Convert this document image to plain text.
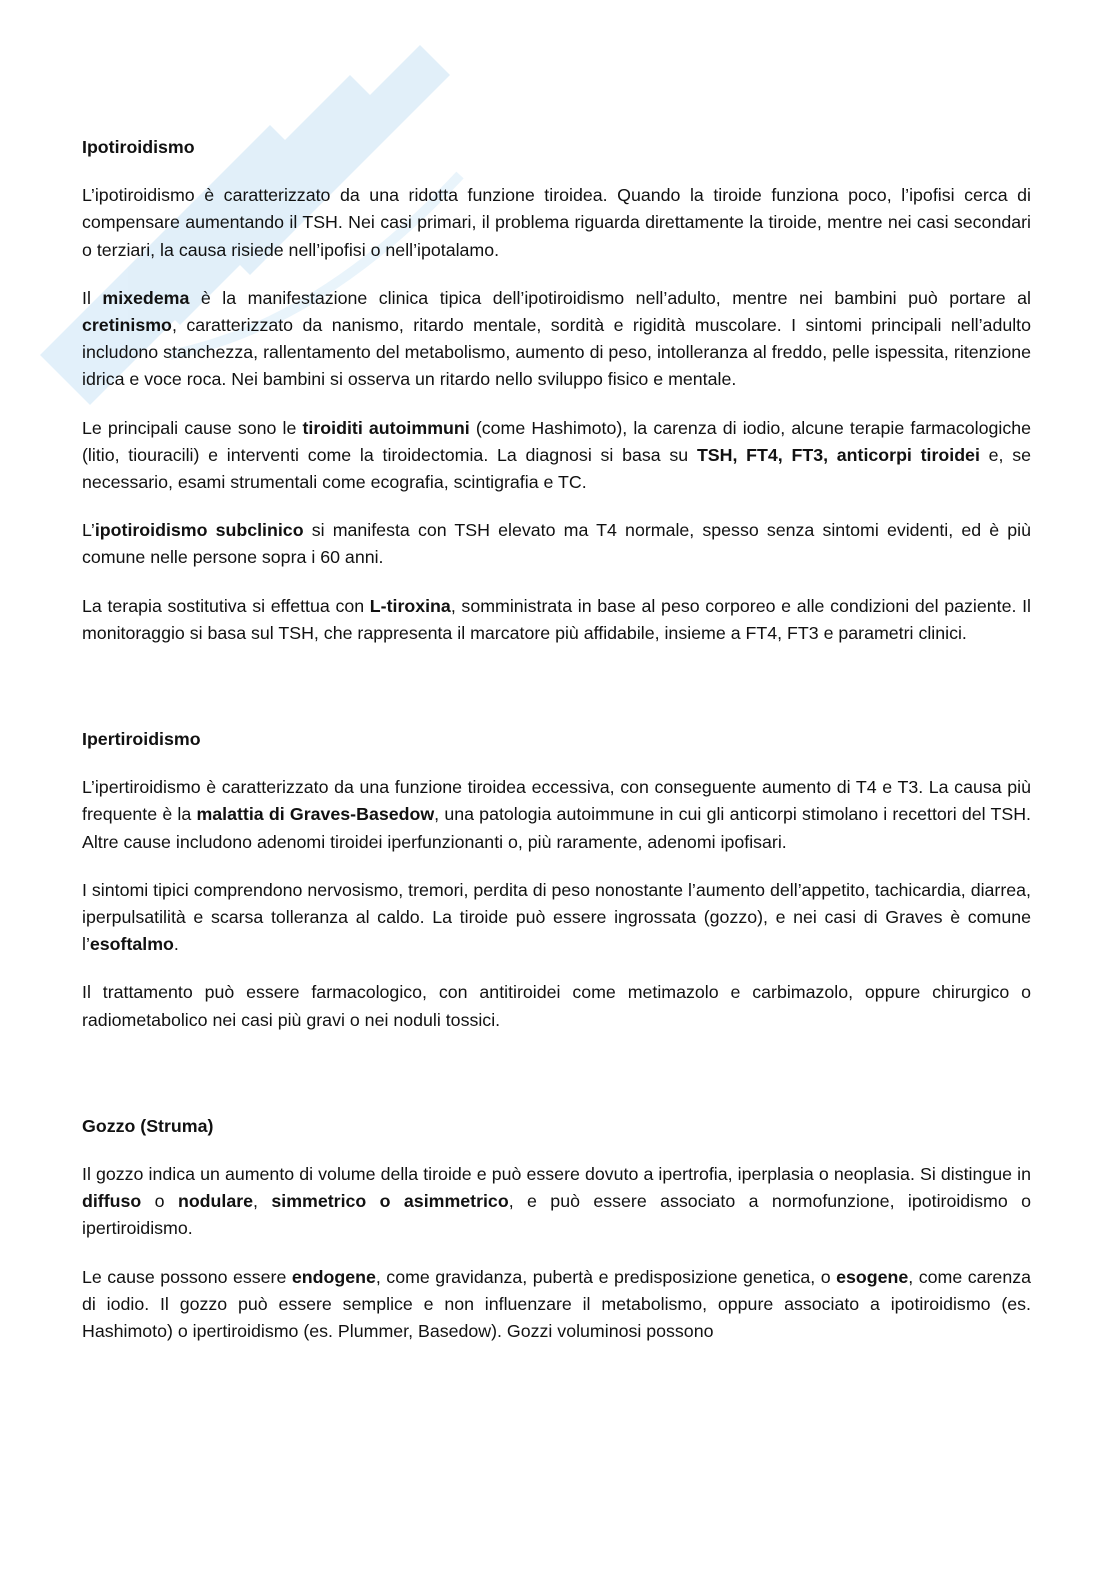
Ipotiroidismo

L’ipotiroidismo è caratterizzato da una ridotta funzione tiroidea. Quando la tiroide funziona poco, l’ipofisi cerca di compensare aumentando il TSH. Nei casi primari, il problema riguarda direttamente la tiroide, mentre nei casi secondari o terziari, la causa risiede nell’ipofisi o nell’ipotalamo.

Il mixedema è la manifestazione clinica tipica dell’ipotiroidismo nell’adulto, mentre nei bambini può portare al cretinismo, caratterizzato da nanismo, ritardo mentale, sordità e rigidità muscolare. I sintomi principali nell’adulto includono stanchezza, rallentamento del metabolismo, aumento di peso, intolleranza al freddo, pelle ispessita, ritenzione idrica e voce roca. Nei bambini si osserva un ritardo nello sviluppo fisico e mentale.

Le principali cause sono le tiroiditi autoimmuni (come Hashimoto), la carenza di iodio, alcune terapie farmacologiche (litio, tiouracili) e interventi come la tiroidectomia. La diagnosi si basa su TSH, FT4, FT3, anticorpi tiroidei e, se necessario, esami strumentali come ecografia, scintigrafia e TC.

L’ipotiroidismo subclinico si manifesta con TSH elevato ma T4 normale, spesso senza sintomi evidenti, ed è più comune nelle persone sopra i 60 anni.

La terapia sostitutiva si effettua con L-tiroxina, somministrata in base al peso corporeo e alle condizioni del paziente. Il monitoraggio si basa sul TSH, che rappresenta il marcatore più affidabile, insieme a FT4, FT3 e parametri clinici.

Ipertiroidismo

L’ipertiroidismo è caratterizzato da una funzione tiroidea eccessiva, con conseguente aumento di T4 e T3. La causa più frequente è la malattia di Graves-Basedow, una patologia autoimmune in cui gli anticorpi stimolano i recettori del TSH. Altre cause includono adenomi tiroidei iperfunzionanti o, più raramente, adenomi ipofisari.

I sintomi tipici comprendono nervosismo, tremori, perdita di peso nonostante l’aumento dell’appetito, tachicardia, diarrea, iperpulsatilità e scarsa tolleranza al caldo. La tiroide può essere ingrossata (gozzo), e nei casi di Graves è comune l’esoftalmo.

Il trattamento può essere farmacologico, con antitiroidei come metimazolo e carbimazolo, oppure chirurgico o radiometabolico nei casi più gravi o nei noduli tossici.

Gozzo (Struma)

Il gozzo indica un aumento di volume della tiroide e può essere dovuto a ipertrofia, iperplasia o neoplasia. Si distingue in diffuso o nodulare, simmetrico o asimmetrico, e può essere associato a normofunzione, ipotiroidismo o ipertiroidismo.

Le cause possono essere endogene, come gravidanza, pubertà e predisposizione genetica, o esogene, come carenza di iodio. Il gozzo può essere semplice e non influenzare il metabolismo, oppure associato a ipotiroidismo (es. Hashimoto) o ipertiroidismo (es. Plummer, Basedow). Gozzi voluminosi possono
